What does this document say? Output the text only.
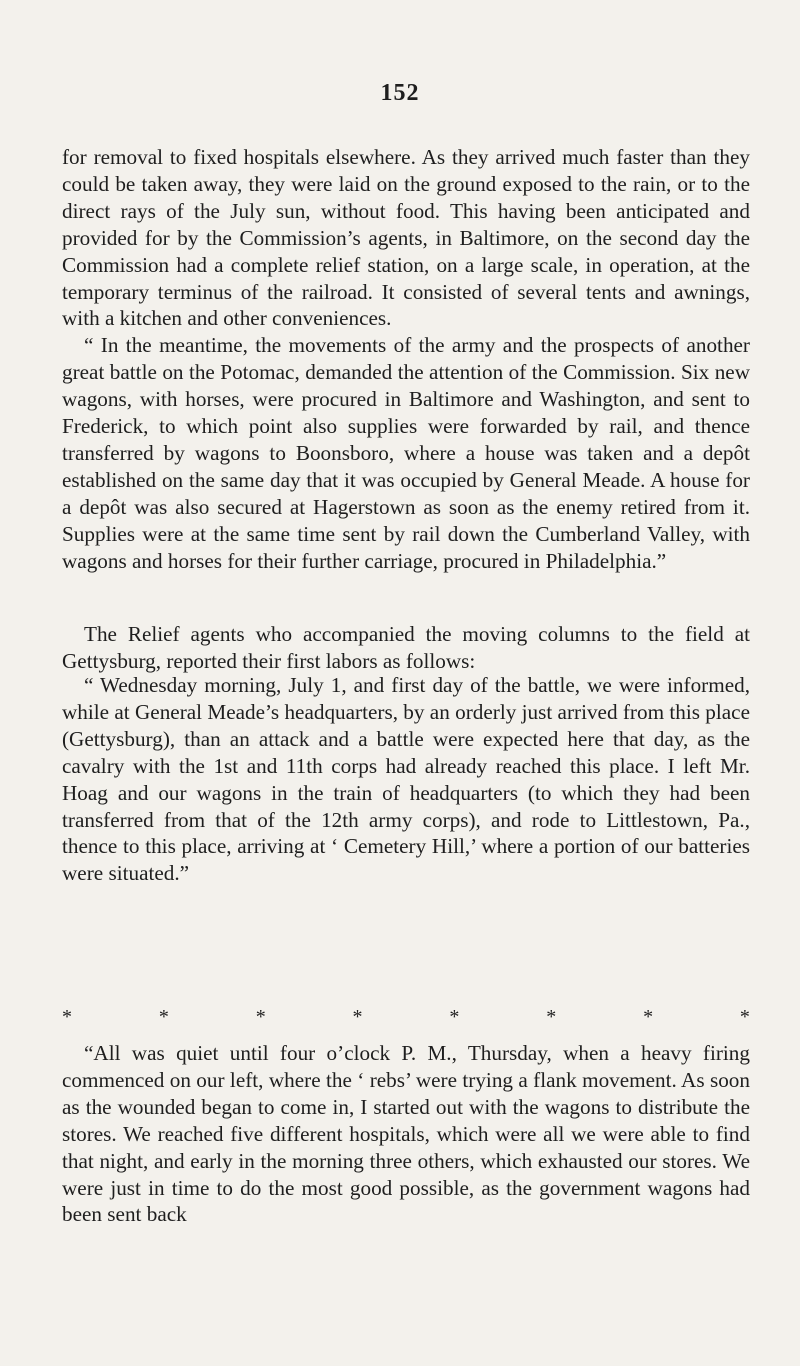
152

for removal to fixed hospitals elsewhere. As they arrived much faster than they could be taken away, they were laid on the ground exposed to the rain, or to the direct rays of the July sun, without food. This having been anticipated and provided for by the Commission’s agents, in Baltimore, on the second day the Commission had a complete relief station, on a large scale, in operation, at the temporary terminus of the railroad. It consisted of several tents and awnings, with a kitchen and other conveniences.

“ In the meantime, the movements of the army and the prospects of another great battle on the Potomac, demanded the attention of the Commission. Six new wagons, with horses, were procured in Baltimore and Washington, and sent to Frederick, to which point also supplies were forwarded by rail, and thence transferred by wagons to Boonsboro, where a house was taken and a depôt established on the same day that it was occupied by General Meade. A house for a depôt was also secured at Hagerstown as soon as the enemy retired from it. Supplies were at the same time sent by rail down the Cumberland Valley, with wagons and horses for their further carriage, procured in Philadelphia.”

The Relief agents who accompanied the moving columns to the field at Gettysburg, reported their first labors as follows:

“ Wednesday morning, July 1, and first day of the battle, we were informed, while at General Meade’s headquarters, by an orderly just arrived from this place (Gettysburg), than an attack and a battle were expected here that day, as the cavalry with the 1st and 11th corps had already reached this place. I left Mr. Hoag and our wagons in the train of headquarters (to which they had been transferred from that of the 12th army corps), and rode to Littlestown, Pa., thence to this place, arriving at ‘ Cemetery Hill,’ where a portion of our batteries were situated.”

*	*	*	*	*	*	*	*

“All was quiet until four o’clock P. M., Thursday, when a heavy firing commenced on our left, where the ‘ rebs’ were trying a flank movement. As soon as the wounded began to come in, I started out with the wagons to distribute the stores. We reached five different hospitals, which were all we were able to find that night, and early in the morning three others, which exhausted our stores. We were just in time to do the most good possible, as the government wagons had been sent back
